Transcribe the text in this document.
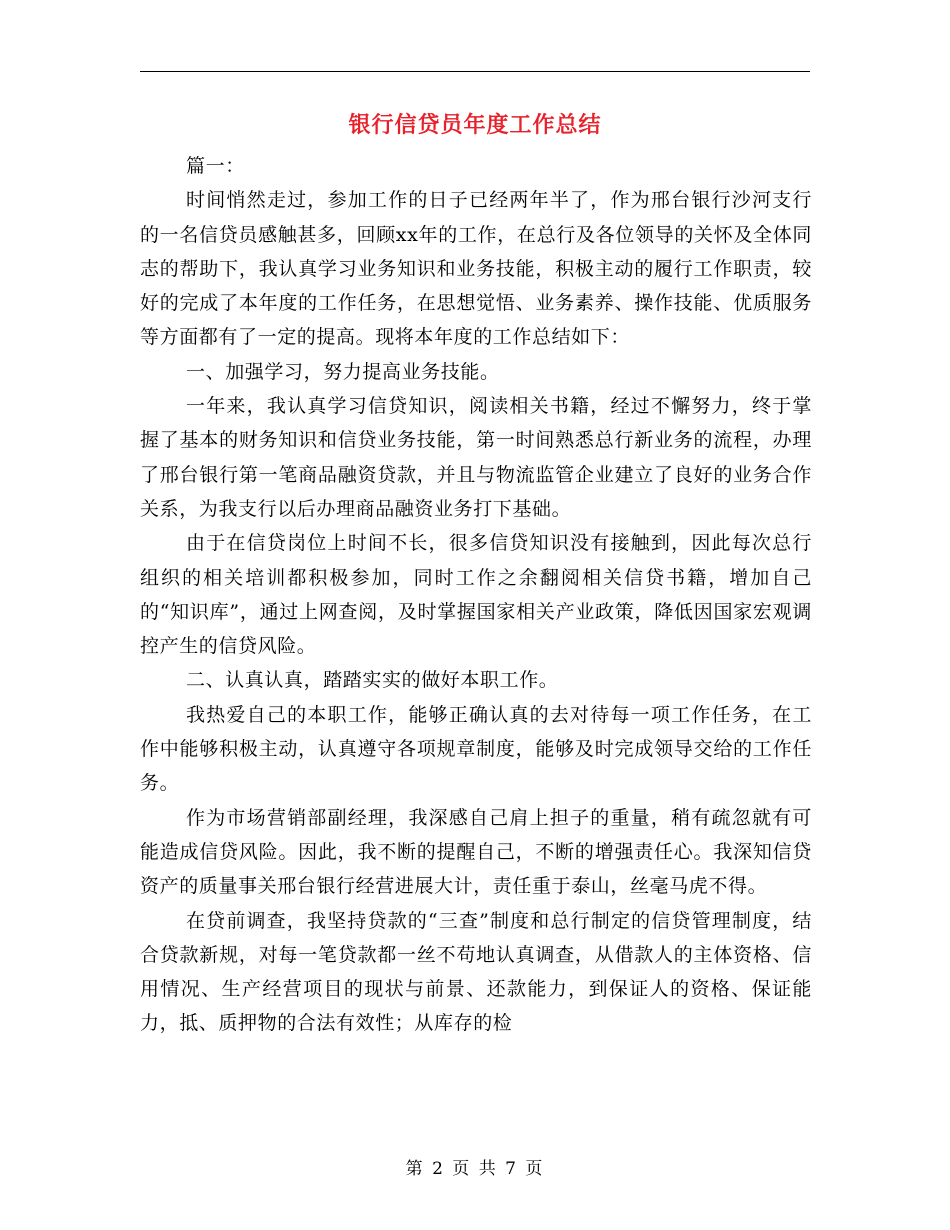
银行信贷员年度工作总结

篇一：

时间悄然走过，参加工作的日子已经两年半了，作为邢台银行沙河支行的一名信贷员感触甚多，回顾xx年的工作，在总行及各位领导的关怀及全体同志的帮助下，我认真学习业务知识和业务技能，积极主动的履行工作职责，较好的完成了本年度的工作任务，在思想觉悟、业务素养、操作技能、优质服务等方面都有了一定的提高。现将本年度的工作总结如下：

一、加强学习，努力提高业务技能。

一年来，我认真学习信贷知识，阅读相关书籍，经过不懈努力，终于掌握了基本的财务知识和信贷业务技能，第一时间熟悉总行新业务的流程，办理了邢台银行第一笔商品融资贷款，并且与物流监管企业建立了良好的业务合作关系，为我支行以后办理商品融资业务打下基础。

由于在信贷岗位上时间不长，很多信贷知识没有接触到，因此每次总行组织的相关培训都积极参加，同时工作之余翻阅相关信贷书籍，增加自己的“知识库”，通过上网查阅，及时掌握国家相关产业政策，降低因国家宏观调控产生的信贷风险。

二、认真认真，踏踏实实的做好本职工作。

我热爱自己的本职工作，能够正确认真的去对待每一项工作任务，在工作中能够积极主动，认真遵守各项规章制度，能够及时完成领导交给的工作任务。

作为市场营销部副经理，我深感自己肩上担子的重量，稍有疏忽就有可能造成信贷风险。因此，我不断的提醒自己，不断的增强责任心。我深知信贷资产的质量事关邢台银行经营进展大计，责任重于泰山，丝毫马虎不得。

在贷前调查，我坚持贷款的“三查”制度和总行制定的信贷管理制度，结合贷款新规，对每一笔贷款都一丝不苟地认真调查，从借款人的主体资格、信用情况、生产经营项目的现状与前景、还款能力，到保证人的资格、保证能力，抵、质押物的合法有效性；从库存的检

第 2 页 共 7 页
